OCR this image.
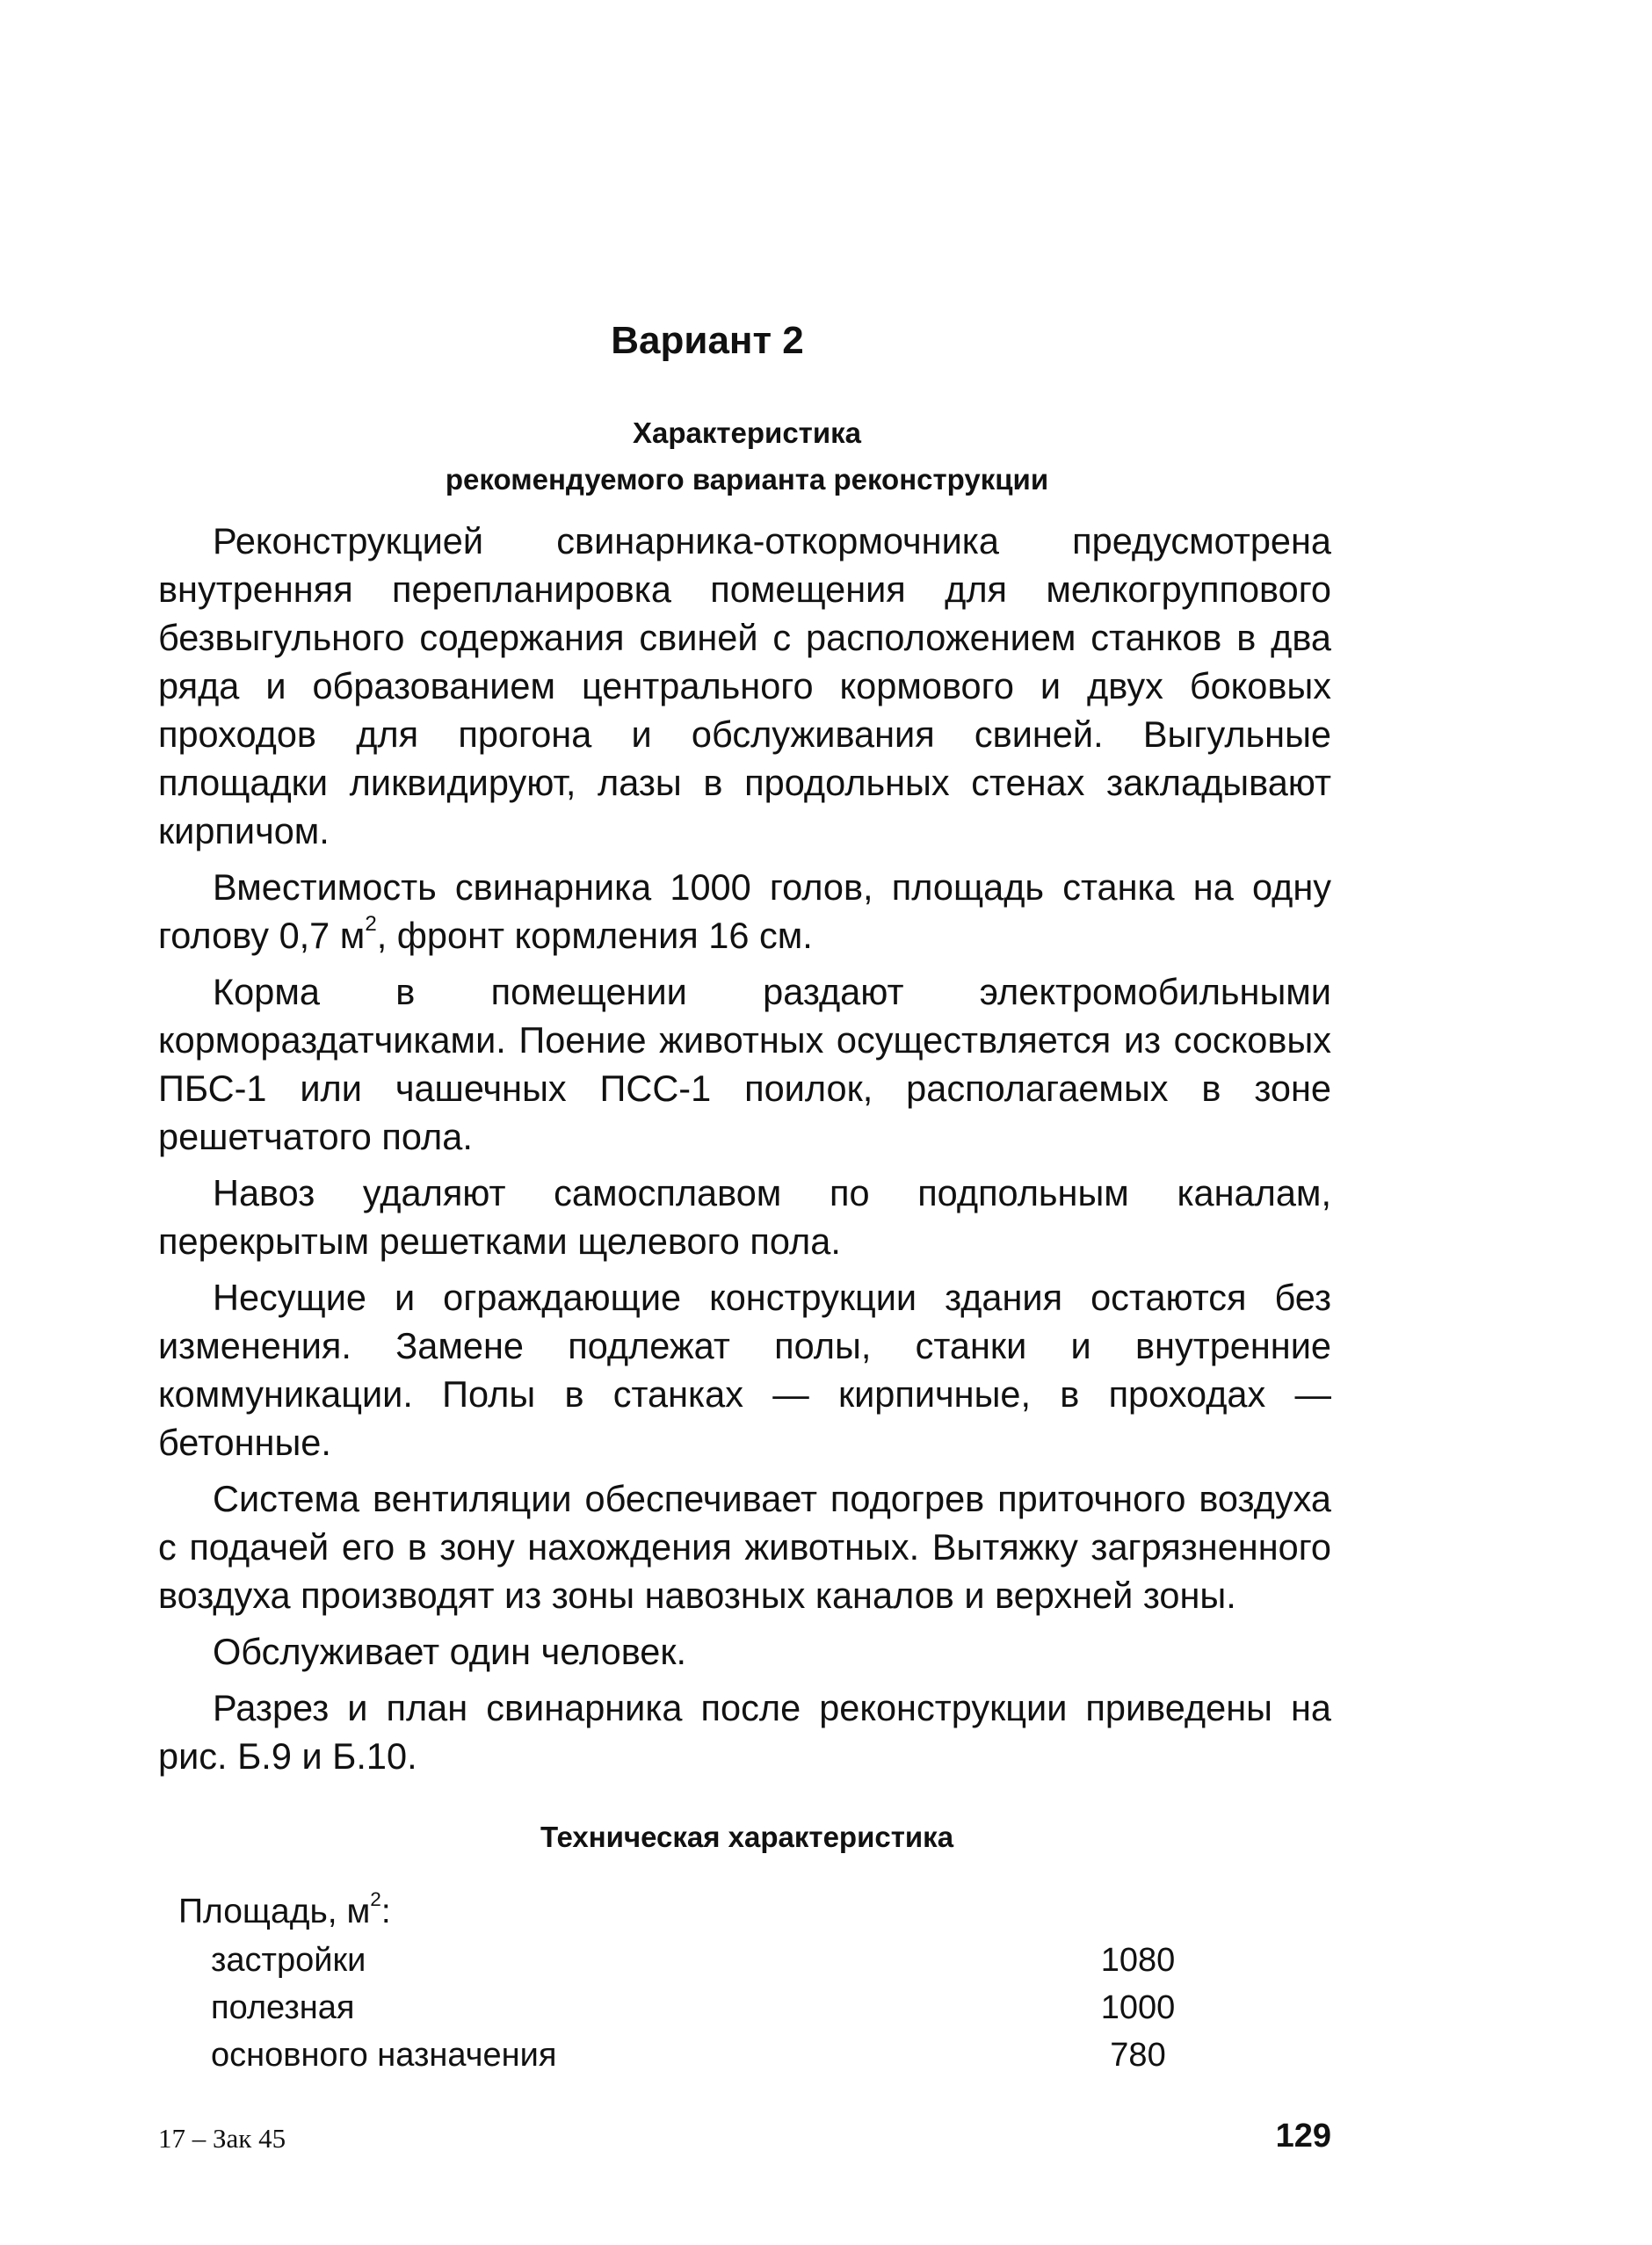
Вариант 2
Характеристика
рекомендуемого варианта реконструкции

Реконструкцией свинарника-откормочника предусмотрена внутренняя перепланировка помещения для мелкогруппового безвыгульного содержания свиней с расположением станков в два ряда и образованием центрального кормового и двух боковых проходов для прогона и обслуживания свиней. Выгульные площадки ликвидируют, лазы в продольных стенах закладывают кирпичом.

Вместимость свинарника 1000 голов, площадь станка на одну голову 0,7 $м^2$, фронт кормления 16 см.

Корма в помещении раздают электромобильными кормораздатчиками. Поение животных осуществляется из сосковых ПБС-1 или чашечных ПСС-1 поилок, располагаемых в зоне решетчатого пола.

Навоз удаляют самосплавом по подпольным каналам, перекрытым решетками щелевого пола.

Несущие и ограждающие конструкции здания остаются без изменения. Замене подлежат полы, станки и внутренние коммуникации. Полы в станках — кирпичные, в проходах — бетонные.

Система вентиляции обеспечивает подогрев приточного воздуха с подачей его в зону нахождения животных. Вытяжку загрязненного воздуха производят из зоны навозных каналов и верхней зоны.

Обслуживает один человек.

Разрез и план свинарника после реконструкции приведены на рис. Б.9 и Б.10.

Техническая характеристика
Площадь, $м^2$:
застройки	1080
полезная	1000
основного назначения	780
17 – Зак 45	129
